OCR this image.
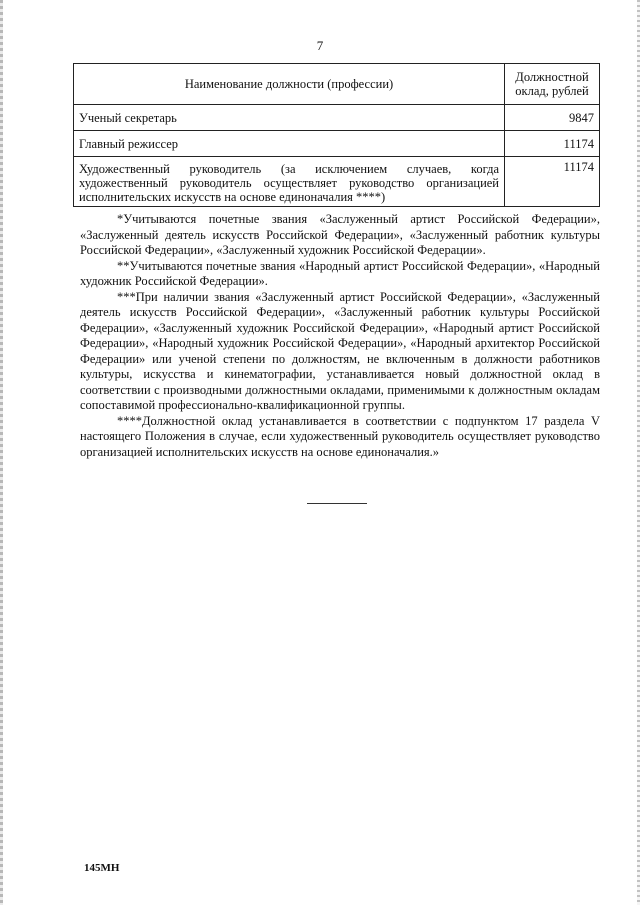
7
Наименование должности (профессии)	Должностной оклад, рублей
Ученый секретарь	9847
Главный режиссер	11174
Художественный руководитель (за исключением случаев, когда художественный руководитель осуществляет руководство организацией исполнительских искусств на основе единоначалия ****)	11174

*Учитываются почетные звания «Заслуженный артист Российской Федерации», «Заслуженный деятель искусств Российской Федерации», «Заслуженный работник культуры Российской Федерации», «Заслуженный художник Российской Федерации».

**Учитываются почетные звания «Народный артист Российской Федерации», «Народный художник Российской Федерации».

***При наличии звания «Заслуженный артист Российской Федерации», «Заслуженный деятель искусств Российской Федерации», «Заслуженный работник культуры Российской Федерации», «Заслуженный художник Российской Федерации», «Народный артист Российской Федерации», «Народный художник Российской Федерации», «Народный архитектор Российской Федерации» или ученой степени по должностям, не включенным в должности работников культуры, искусства и кинематографии, устанавливается новый должностной оклад в соответствии с производными должностными окладами, применимыми к должностным окладам сопоставимой профессионально-квалификационной группы.

****Должностной оклад устанавливается в соответствии с подпунктом 17 раздела V настоящего Положения в случае, если художественный руководитель осуществляет руководство организацией исполнительских искусств на основе единоначалия.»

145МН
